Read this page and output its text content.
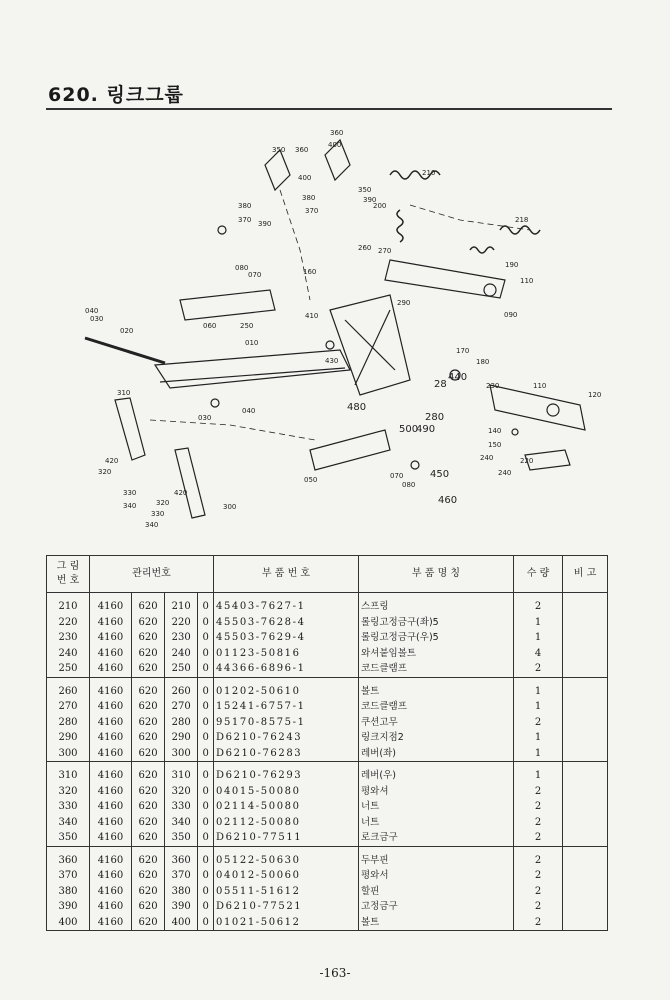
620. 링크그룹
360
350 360
400
400
210
380
370 390
380
370
350
390
200
218
260 270
190
110
080
070	160
090
290
040
030
020
060	250
010
410
430
170
180
440
28	230	110
120
310
030
040	480
500
490
280
140
150
420
320
330
340	320
420
330
340
300
050	070
080
450
460
240	220
240
그 림
번 호	관리번호				부 품 번 호	부 품 명 칭	수 량	비 고
210	4160	620	210	0	45403-7627-1	스프링	2	
220	4160	620	220	0	45503-7628-4	롤링고정금구(좌)5	1	
230	4160	620	230	0	45503-7629-4	롤링고정금구(우)5	1	
240	4160	620	240	0	01123-50816	와셔붙임볼트	4	
250	4160	620	250	0	44366-6896-1	코드클램프	2	
260	4160	620	260	0	01202-50610	볼트	1	
270	4160	620	270	0	15241-6757-1	코드클램프	1	
280	4160	620	280	0	95170-8575-1	쿠션고무	2	
290	4160	620	290	0	D6210-76243	링크지점2	1	
300	4160	620	300	0	D6210-76283	레버(좌)	1	
310	4160	620	310	0	D6210-76293	레버(우)	1	
320	4160	620	320	0	04015-50080	평와셔	2	
330	4160	620	330	0	02114-50080	너트	2	
340	4160	620	340	0	02112-50080	너트	2	
350	4160	620	350	0	D6210-77511	로크금구	2	
360	4160	620	360	0	05122-50630	두부핀	2	
370	4160	620	370	0	04012-50060	평와서	2	
380	4160	620	380	0	05511-51612	할핀	2	
390	4160	620	390	0	D6210-77521	고정금구	2	
400	4160	620	400	0	01021-50612	볼트	2	
-163-
